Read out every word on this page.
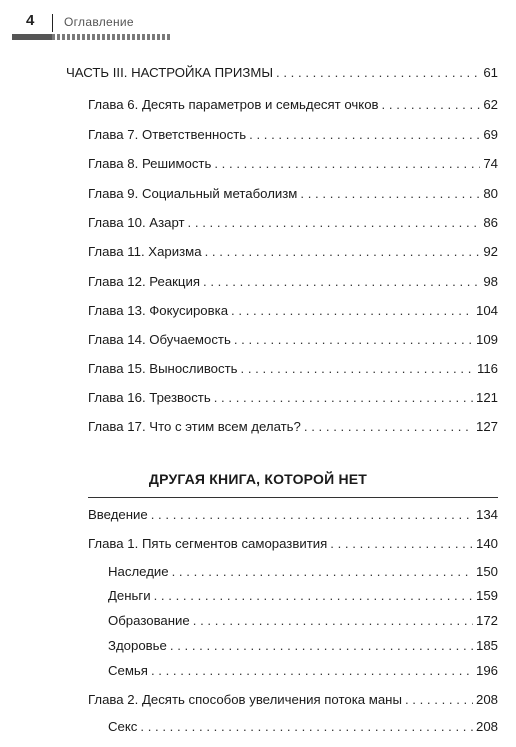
4 Оглавление
ЧАСТЬ III. НАСТРОЙКА ПРИЗМЫ . . .	61
Глава 6. Десять параметров и семьдесят очков . . .	62
Глава 7. Ответственность . . .	69
Глава 8. Решимость . . .	74
Глава 9. Социальный метаболизм . . .	80
Глава 10. Азарт . . .	86
Глава 11. Харизма . . .	92
Глава 12. Реакция . . .	98
Глава 13. Фокусировка . . .	104
Глава 14. Обучаемость . . .	109
Глава 15. Выносливость . . .	116
Глава 16. Трезвость . . .	121
Глава 17. Что с этим всем делать? . . .	127
ДРУГАЯ КНИГА, КОТОРОЙ НЕТ
Введение . . .	134
Глава 1. Пять сегментов саморазвития . . .	140
Наследие . . .	150
Деньги . . .	159
Образование . . .	172
Здоровье . . .	185
Семья . . .	196
Глава 2. Десять способов увеличения потока маны . . .	208
Секс . . .	208
